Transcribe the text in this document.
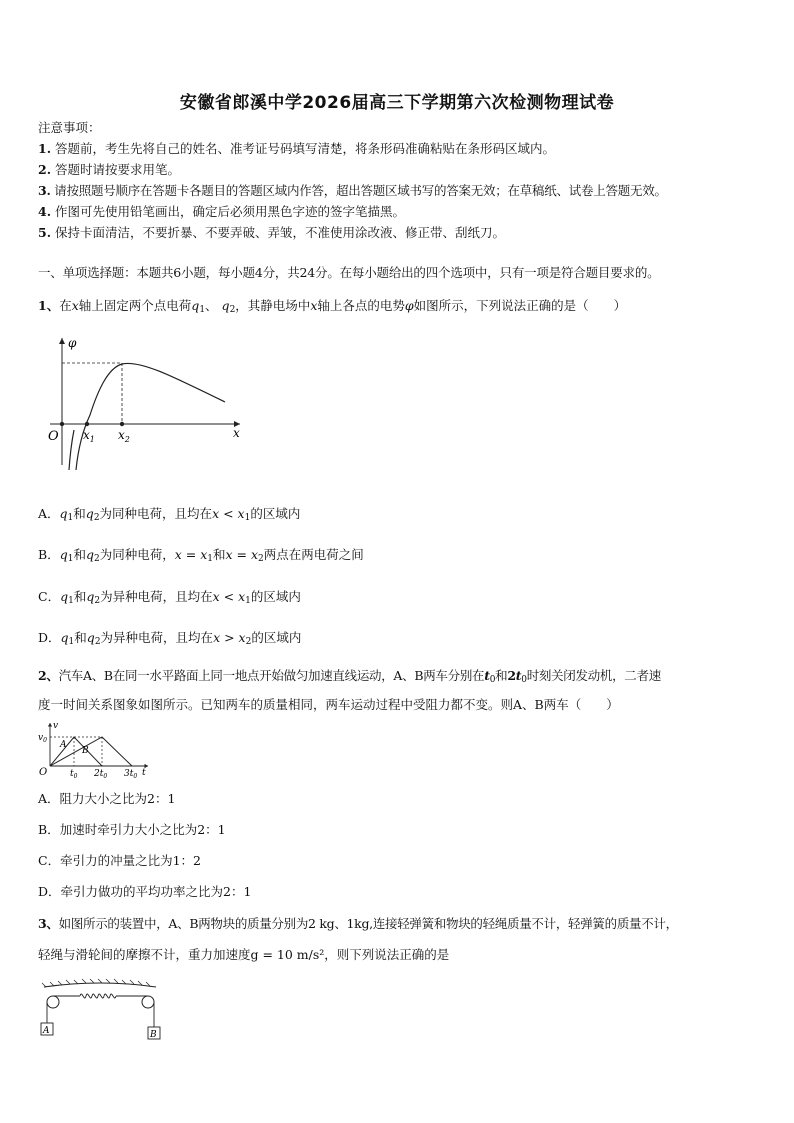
安徽省郎溪中学2026届高三下学期第六次检测物理试卷
注意事项：
1. 答题前，考生先将自己的姓名、准考证号码填写清楚，将条形码准确粘贴在条形码区域内。
2. 答题时请按要求用笔。
3. 请按照题号顺序在答题卡各题目的答题区域内作答，超出答题区域书写的答案无效；在草稿纸、试卷上答题无效。
4. 作图可先使用铅笔画出，确定后必须用黑色字迹的签字笔描黑。
5. 保持卡面清洁，不要折暴、不要弄破、弄皱，不准使用涂改液、修正带、刮纸刀。
一、单项选择题：本题共6小题，每小题4分，共24分。在每小题给出的四个选项中，只有一项是符合题目要求的。
1、在x轴上固定两个点电荷$q_1$、 $q_2$，其静电场中x轴上各点的电势φ如图所示，下列说法正确的是（　　）
φ
O $x_1$ $x_2$	x
A．$q_1$和$q_2$为同种电荷，且均在$x < x_1$的区域内
B．$q_1$和$q_2$为同种电荷，$x = x_1$和$x = x_2$两点在两电荷之间
C．$q_1$和$q_2$为异种电荷，且均在$x < x_1$的区域内
D．$q_1$和$q_2$为异种电荷，且均在$x > x_2$的区域内
2、汽车A、B在同一水平路面上同一地点开始做匀加速直线运动，A、B两车分别在$t_0$和$2t_0$时刻关闭发动机，二者速
度一时间关系图象如图所示。已知两车的质量相同，两车运动过程中受阻力都不变。则A、B两车（　　）
v
$v_0$
O
A
B
$t_0$ $2t_0$ $3t_0$ t
A．阻力大小之比为2：1
B．加速时牵引力大小之比为2：1
C．牵引力的冲量之比为1：2
D．牵引力做功的平均功率之比为2：1
3、如图所示的装置中，A、B两物块的质量分别为2 kg、1kg,连接轻弹簧和物块的轻绳质量不计，轻弹簧的质量不计，
轻绳与滑轮间的摩擦不计，重力加速度g = 10 m/s²，则下列说法正确的是
A	B
